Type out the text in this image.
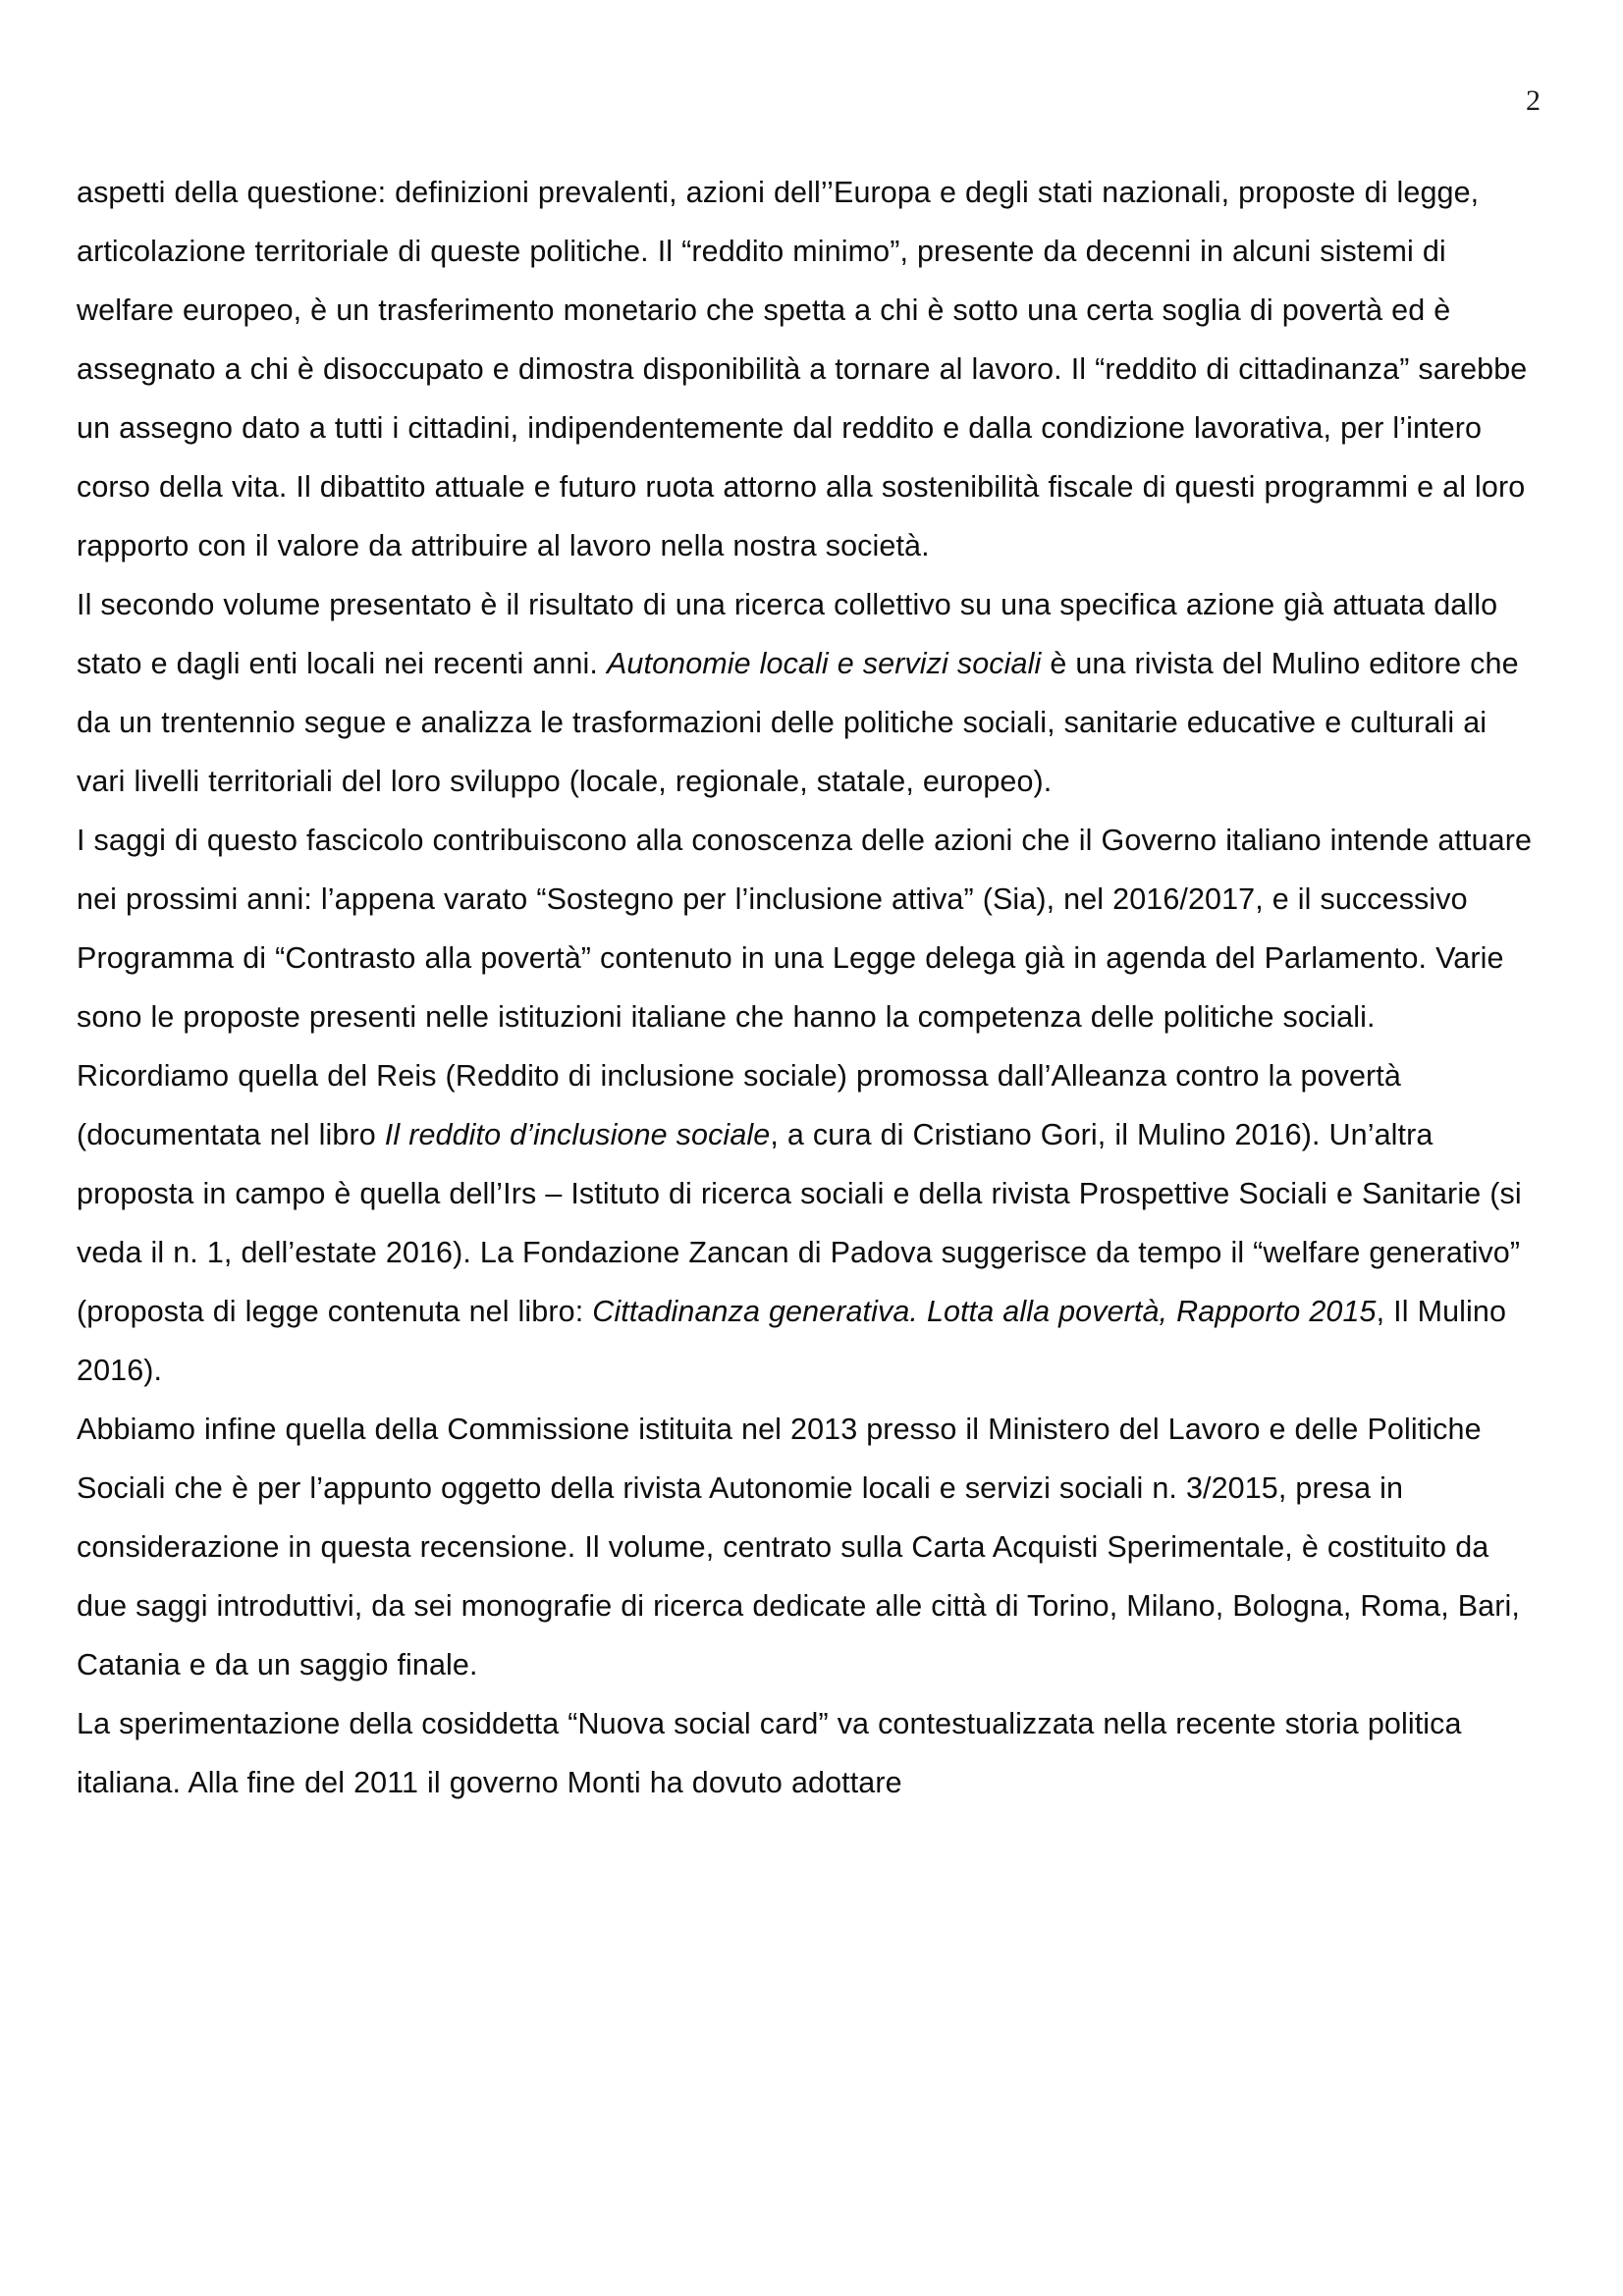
2

aspetti della questione: definizioni prevalenti, azioni dell’’Europa e degli stati nazionali, proposte di legge, articolazione territoriale di queste politiche. Il “reddito minimo”, presente da decenni in alcuni sistemi di welfare europeo, è un trasferimento monetario che spetta a chi è sotto una certa soglia di povertà ed è assegnato a chi è disoccupato e dimostra disponibilità a tornare al lavoro. Il “reddito di cittadinanza” sarebbe un assegno dato a tutti i cittadini, indipendentemente dal reddito e dalla condizione lavorativa, per l’intero corso della vita. Il dibattito attuale e futuro ruota attorno alla sostenibilità fiscale di questi programmi e al loro rapporto con il valore da attribuire al lavoro nella nostra società.

Il secondo volume presentato è il risultato di una ricerca collettivo su una specifica azione già attuata dallo stato e dagli enti locali nei recenti anni. Autonomie locali e servizi sociali è una rivista del Mulino editore che da un trentennio segue e analizza le trasformazioni delle politiche sociali, sanitarie educative e culturali ai vari livelli territoriali del loro sviluppo (locale, regionale, statale, europeo).

I saggi di questo fascicolo contribuiscono alla conoscenza delle azioni che il Governo italiano intende attuare nei prossimi anni: l’appena varato “Sostegno per l’inclusione attiva” (Sia), nel 2016/2017, e il successivo Programma di “Contrasto alla povertà” contenuto in una Legge delega già in agenda del Parlamento. Varie sono le proposte presenti nelle istituzioni italiane che hanno la competenza delle politiche sociali.

Ricordiamo quella del Reis (Reddito di inclusione sociale) promossa dall’Alleanza contro la povertà (documentata nel libro Il reddito d’inclusione sociale, a cura di Cristiano Gori, il Mulino 2016). Un’altra proposta in campo è quella dell’Irs – Istituto di ricerca sociali e della rivista Prospettive Sociali e Sanitarie (si veda il n. 1, dell’estate 2016). La Fondazione Zancan di Padova suggerisce da tempo il “welfare generativo” (proposta di legge contenuta nel libro: Cittadinanza generativa. Lotta alla povertà, Rapporto 2015, Il Mulino 2016).

Abbiamo infine quella della Commissione istituita nel 2013 presso il Ministero del Lavoro e delle Politiche Sociali che è per l’appunto oggetto della rivista Autonomie locali e servizi sociali n. 3/2015, presa in considerazione in questa recensione. Il volume, centrato sulla Carta Acquisti Sperimentale, è costituito da due saggi introduttivi, da sei monografie di ricerca dedicate alle città di Torino, Milano, Bologna, Roma, Bari, Catania e da un saggio finale.

La sperimentazione della cosiddetta “Nuova social card” va contestualizzata nella recente storia politica italiana. Alla fine del 2011 il governo Monti ha dovuto adottare
